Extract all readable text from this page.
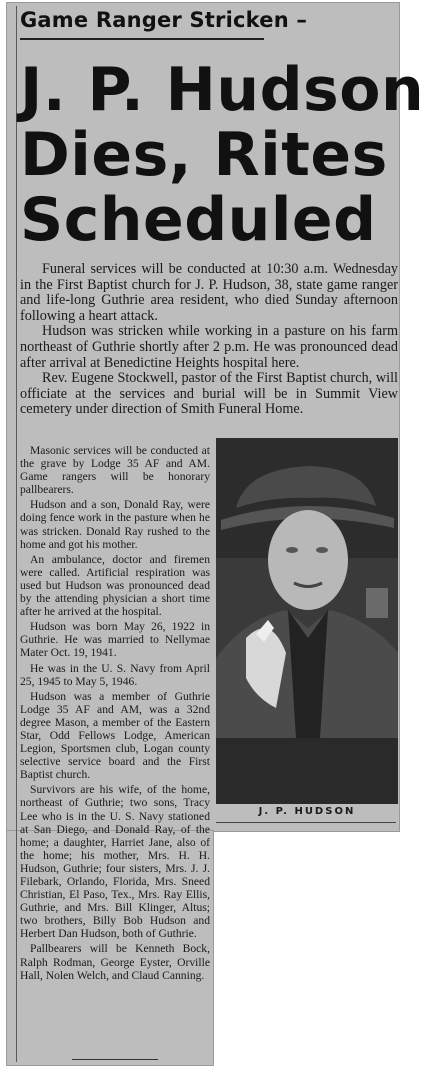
Game Ranger Stricken –
J. P. Hudson
Dies, Rites
Scheduled

Funeral services will be conducted at 10:30 a.m. Wednesday in the First Baptist church for J. P. Hudson, 38, state game ranger and life-long Guthrie area resident, who died Sunday afternoon following a heart attack.

Hudson was stricken while working in a pasture on his farm northeast of Guthrie shortly after 2 p.m. He was pronounced dead after arrival at Benedictine Heights hospital here.

Rev. Eugene Stockwell, pastor of the First Baptist church, will officiate at the services and burial will be in Summit View cemetery under direction of Smith Funeral Home.

Masonic services will be conducted at the grave by Lodge 35 AF and AM. Game rangers will be honorary pallbearers.

Hudson and a son, Donald Ray, were doing fence work in the pasture when he was stricken. Donald Ray rushed to the home and got his mother.

An ambulance, doctor and firemen were called. Artificial respiration was used but Hudson was pronounced dead by the attending physician a short time after he arrived at the hospital.

Hudson was born May 26, 1922 in Guthrie. He was married to Nellymae Mater Oct. 19, 1941.

He was in the U. S. Navy from April 25, 1945 to May 5, 1946.

Hudson was a member of Guthrie Lodge 35 AF and AM, was a 32nd degree Mason, a member of the Eastern Star, Odd Fellows Lodge, American Legion, Sportsmen club, Logan county selective service board and the First Baptist church.

Survivors are his wife, of the home, northeast of Guthrie; two sons, Tracy Lee who is in the U. S. Navy stationed at San Diego, and Donald Ray, of the home; a daughter, Harriet Jane, also of the home; his mother, Mrs. H. H. Hudson, Guthrie; four sisters, Mrs. J. J. Filebark, Orlando, Florida, Mrs. Sneed Christian, El Paso, Tex., Mrs. Ray Ellis, Guthrie, and Mrs. Bill Klinger, Altus; two brothers, Billy Bob Hudson and Herbert Dan Hudson, both of Guthrie.

Pallbearers will be Kenneth Bock, Ralph Rodman, George Eyster, Orville Hall, Nolen Welch, and Claud Canning.

J. P. HUDSON
